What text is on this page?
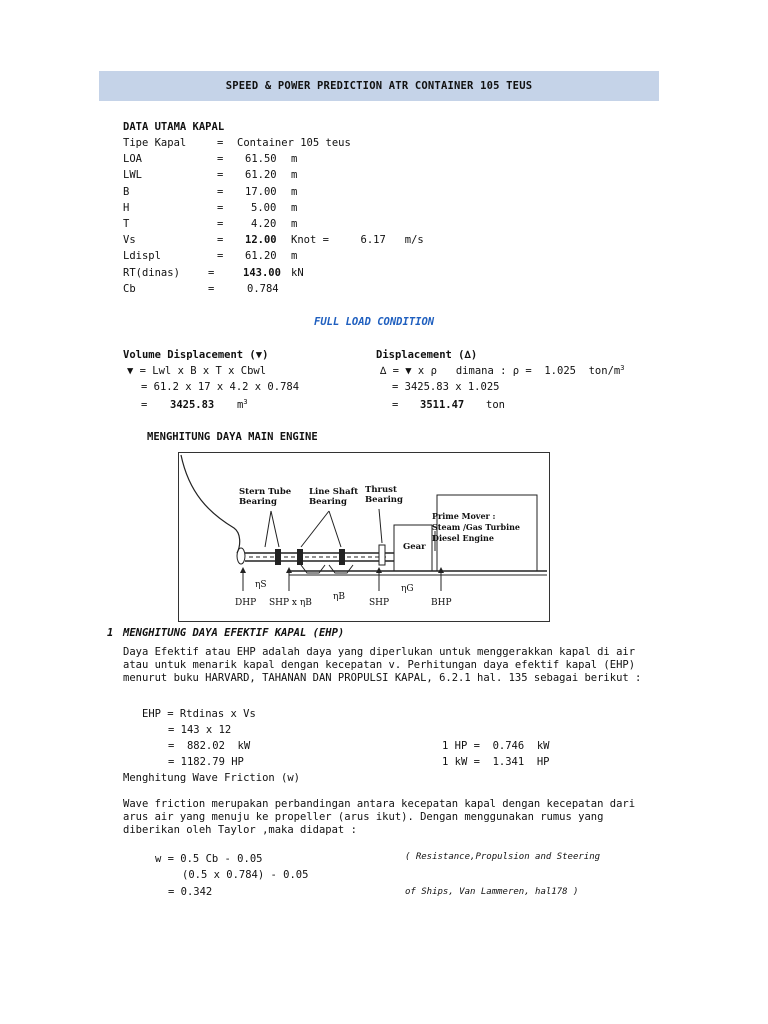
SPEED & POWER PREDICTION ATR CONTAINER 105 TEUS
DATA UTAMA KAPAL
Tipe Kapal	= Container 105 teus
LOA	= 61.50 m
LWL	= 61.20 m
B	= 17.00 m
H	=	5.00 m
T	=	4.20 m
Vs	= 12.00 Knot =     6.17   m/s
Ldispl	= 61.20 m
RT(dinas)	=	143.00 kN
Cb	=	0.784
FULL LOAD CONDITION
Volume Displacement (▼)
▼ = Lwl x B x T x Cbwl
= 61.2 x 17 x 4.2 x 0.784
= 3425.83 $m^3$
Displacement (∆)
∆ = ▼ x ρ   dimana : ρ =  1.025  ton/$m^3$
= 3425.83 x 1.025
= 3511.47 ton
MENGHITUNG DAYA MAIN ENGINE
Stern Tube
Bearing
Line Shaft
Bearing
Thrust
Bearing
Gear
Prime Mover :
Steam /Gas Turbine
Diesel Engine
DHP
ηS
SHP x ηB
ηB
SHP
ηG
BHP
1 MENGHITUNG DAYA EFEKTIF KAPAL (EHP)
Daya Efektif atau EHP adalah daya yang diperlukan untuk menggerakkan kapal di air atau untuk menarik kapal dengan kecepatan v. Perhitungan daya efektif kapal (EHP) menurut buku HARVARD, TAHANAN DAN PROPULSI KAPAL, 6.2.1 hal. 135 sebagai berikut :
EHP = Rtdinas x Vs
= 143 x 12
=  882.02  kW
= 1182.79 HP
1 HP =  0.746  kW
1 kW =  1.341  HP
Menghitung Wave Friction (w)
Wave friction merupakan perbandingan antara kecepatan kapal dengan kecepatan dari arus air yang menuju ke propeller (arus ikut). Dengan menggunakan rumus yang diberikan oleh Taylor ,maka didapat :
w = 0.5 Cb - 0.05
(0.5 x 0.784) - 0.05
= 0.342
( Resistance,Propulsion and Steering
of Ships, Van Lammeren, hal178 )
